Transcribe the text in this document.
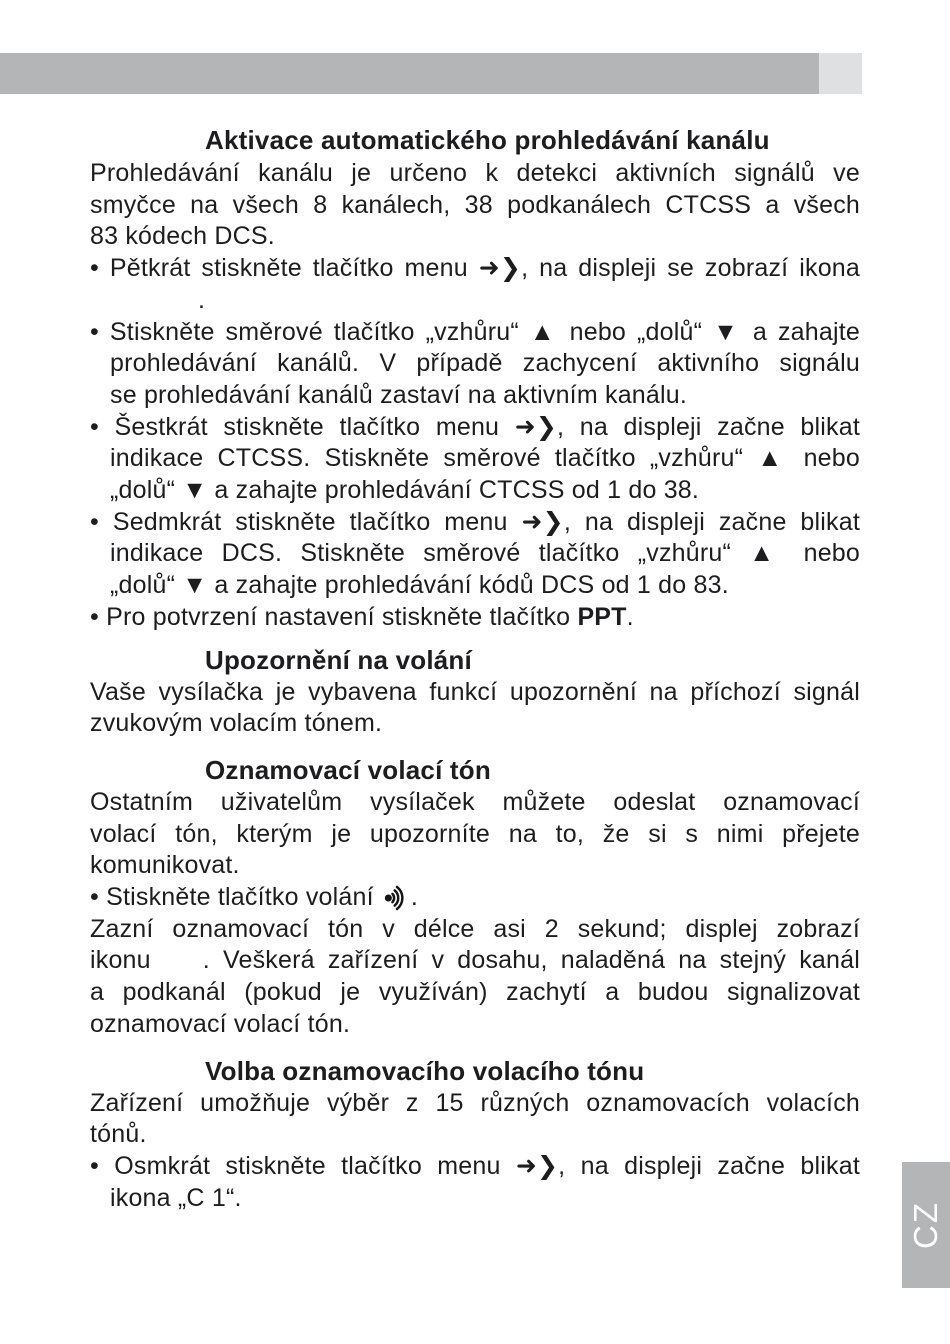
Aktivace automatického prohledávání kanálu
Prohledávání kanálu je určeno k detekci aktivních signálů ve
smyčce na všech 8 kanálech, 38 podkanálech CTCSS a všech
83 kódech DCS.
• Pětkrát stiskněte tlačítko menu ➜❯, na displeji se zobrazí ikona
.
• Stiskněte směrové tlačítko „vzhůru“ ▲ nebo „dolů“ ▼ a zahajte
prohledávání kanálů. V případě zachycení aktivního signálu
se prohledávání kanálů zastaví na aktivním kanálu.
• Šestkrát stiskněte tlačítko menu ➜❯, na displeji začne blikat
indikace CTCSS. Stiskněte směrové tlačítko „vzhůru“ ▲ nebo
„dolů“ ▼ a zahajte prohledávání CTCSS od 1 do 38.
• Sedmkrát stiskněte tlačítko menu ➜❯, na displeji začne blikat
indikace DCS. Stiskněte směrové tlačítko „vzhůru“ ▲ nebo
„dolů“ ▼ a zahajte prohledávání kódů DCS od 1 do 83.
• Pro potvrzení nastavení stiskněte tlačítko PPT.
Upozornění na volání
Vaše vysílačka je vybavena funkcí upozornění na příchozí signál
zvukovým volacím tónem.
Oznamovací volací tón
Ostatním uživatelům vysílaček můžete odeslat oznamovací
volací tón, kterým je upozorníte na to, že si s nimi přejete
komunikovat.
• Stiskněte tlačítko volání .
Zazní oznamovací tón v délce asi 2 sekund; displej zobrazí
ikonu . Veškerá zařízení v dosahu, naladěná na stejný kanál
a podkanál (pokud je využíván) zachytí a budou signalizovat
oznamovací volací tón.
Volba oznamovacího volacího tónu
Zařízení umožňuje výběr z 15 různých oznamovacích volacích
tónů.
• Osmkrát stiskněte tlačítko menu ➜❯, na displeji začne blikat
ikona „C 1“.
CZ
